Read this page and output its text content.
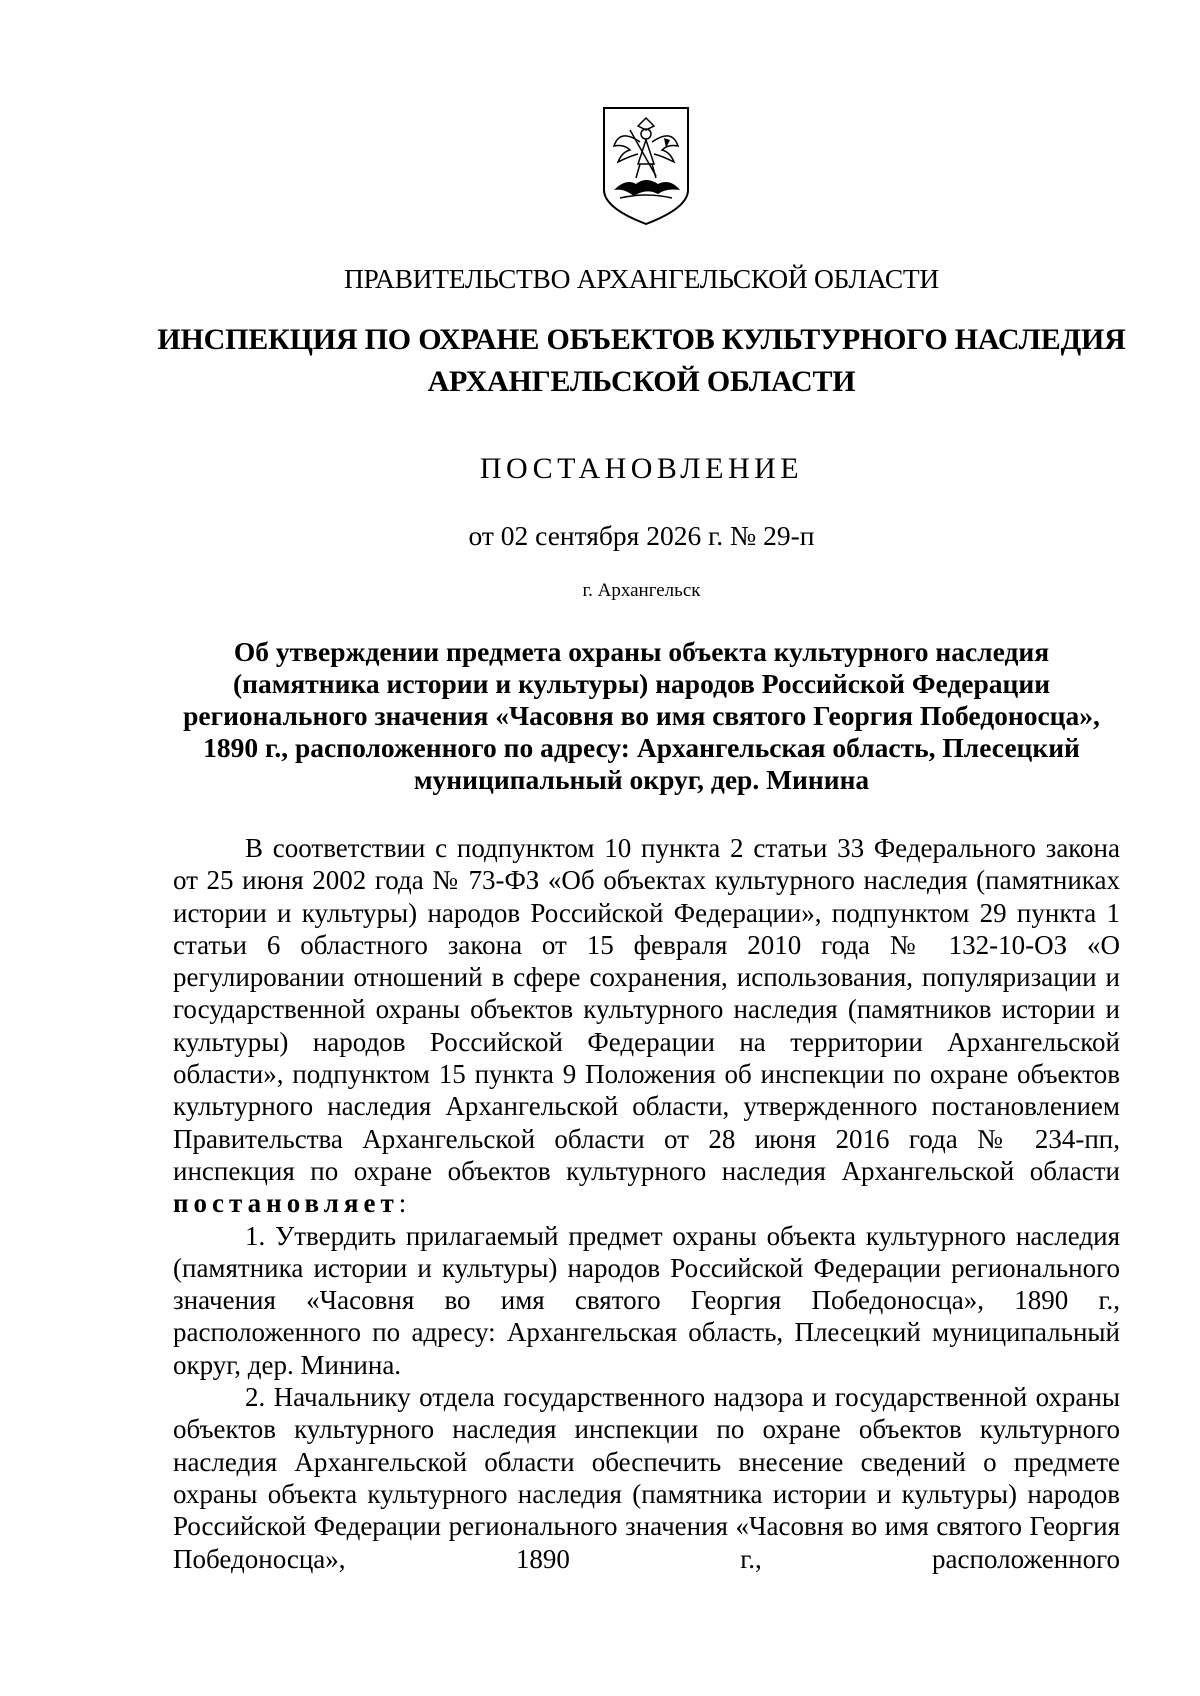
ПРАВИТЕЛЬСТВО АРХАНГЕЛЬСКОЙ ОБЛАСТИ

ИНСПЕКЦИЯ ПО ОХРАНЕ ОБЪЕКТОВ КУЛЬТУРНОГО НАСЛЕДИЯ
АРХАНГЕЛЬСКОЙ ОБЛАСТИ

ПОСТАНОВЛЕНИЕ

от 02 сентября 2026 г. № 29-п

г. Архангельск

Об утверждении предмета охраны объекта культурного наследия (памятника истории и культуры) народов Российской Федерации регионального значения «Часовня во имя святого Георгия Победоносца», 1890 г., расположенного по адресу: Архангельская область, Плесецкий муниципальный округ, дер. Минина

В соответствии с подпунктом 10 пункта 2 статьи 33 Федерального закона от 25 июня 2002 года № 73-ФЗ «Об объектах культурного наследия (памятниках истории и культуры) народов Российской Федерации», подпунктом 29 пункта 1 статьи 6 областного закона от 15 февраля 2010 года № 132-10-ОЗ «О регулировании отношений в сфере сохранения, использования, популяризации и государственной охраны объектов культурного наследия (памятников истории и культуры) народов Российской Федерации на территории Архангельской области», подпунктом 15 пункта 9 Положения об инспекции по охране объектов культурного наследия Архангельской области, утвержденного постановлением Правительства Архангельской области от 28 июня 2016 года № 234-пп, инспекция по охране объектов культурного наследия Архангельской области постановляет:

1. Утвердить прилагаемый предмет охраны объекта культурного наследия (памятника истории и культуры) народов Российской Федерации регионального значения «Часовня во имя святого Георгия Победоносца», 1890 г., расположенного по адресу: Архангельская область, Плесецкий муниципальный округ, дер. Минина.

2. Начальнику отдела государственного надзора и государственной охраны объектов культурного наследия инспекции по охране объектов культурного наследия Архангельской области обеспечить внесение сведений о предмете охраны объекта культурного наследия (памятника истории и культуры) народов Российской Федерации регионального значения «Часовня во имя святого Георгия Победоносца», 1890 г., расположенного
